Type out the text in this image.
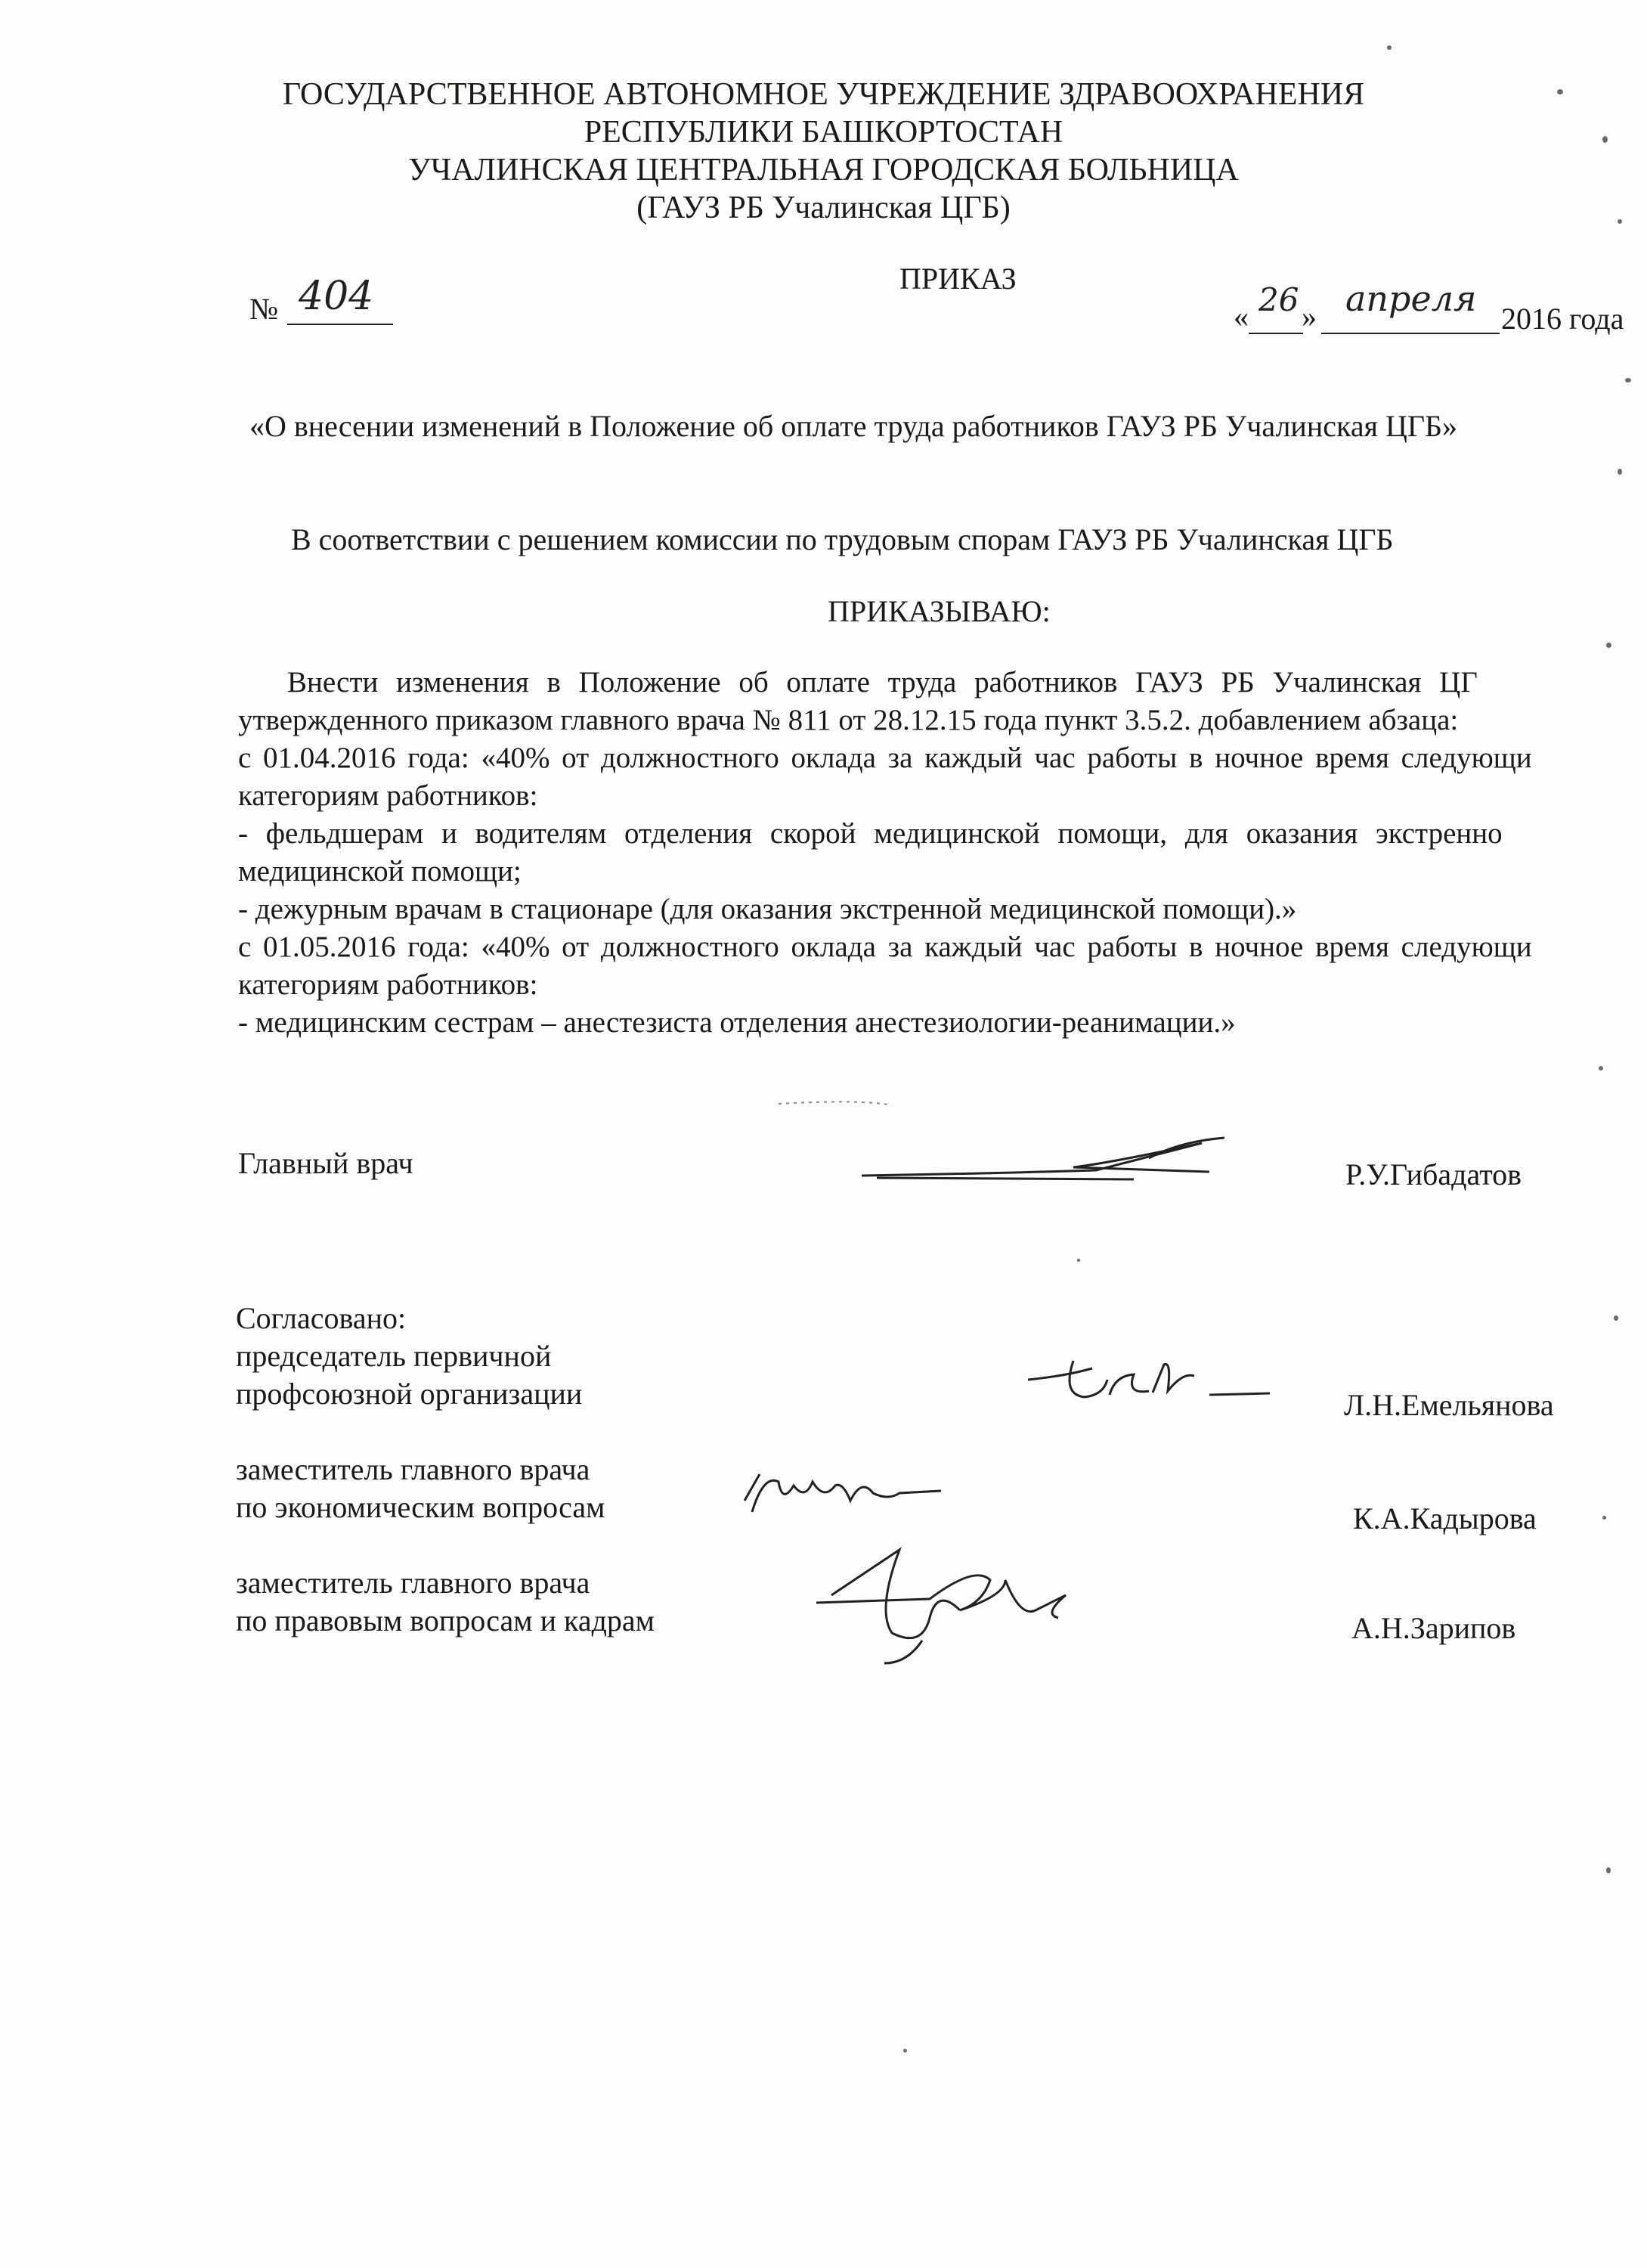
ГОСУДАРСТВЕННОЕ АВТОНОМНОЕ УЧРЕЖДЕНИЕ ЗДРАВООХРАНЕНИЯ
РЕСПУБЛИКИ БАШКОРТОСТАН
УЧАЛИНСКАЯ ЦЕНТРАЛЬНАЯ ГОРОДСКАЯ БОЛЬНИЦА
(ГАУЗ РБ Учалинская ЦГБ)
ПРИКАЗ
№ 404	« 26 » апреля 2016 года
«О внесении изменений в Положение об оплате труда работников ГАУЗ РБ Учалинская ЦГБ»
В соответствии с решением комиссии по трудовым спорам ГАУЗ РБ Учалинская ЦГБ
ПРИКАЗЫВАЮ:
Внести изменения в Положение об оплате труда работников ГАУЗ РБ Учалинская ЦГ
утвержденного приказом главного врача № 811 от 28.12.15 года пункт 3.5.2. добавлением абзаца:
с 01.04.2016 года: «40% от должностного оклада за каждый час работы в ночное время следующи
категориям работников:
- фельдшерам и водителям отделения скорой медицинской помощи, для оказания экстренно
медицинской помощи;
- дежурным врачам в стационаре (для оказания экстренной медицинской помощи).»
с 01.05.2016 года: «40% от должностного оклада за каждый час работы в ночное время следующи
категориям работников:
- медицинским сестрам – анестезиста отделения анестезиологии-реанимации.»
Главный врач	Р.У.Гибадатов
Согласовано:
председатель первичной
профсоюзной организации	Л.Н.Емельянова
заместитель главного врача
по экономическим вопросам	К.А.Кадырова
заместитель главного врача
по правовым вопросам и кадрам	А.Н.Зарипов
